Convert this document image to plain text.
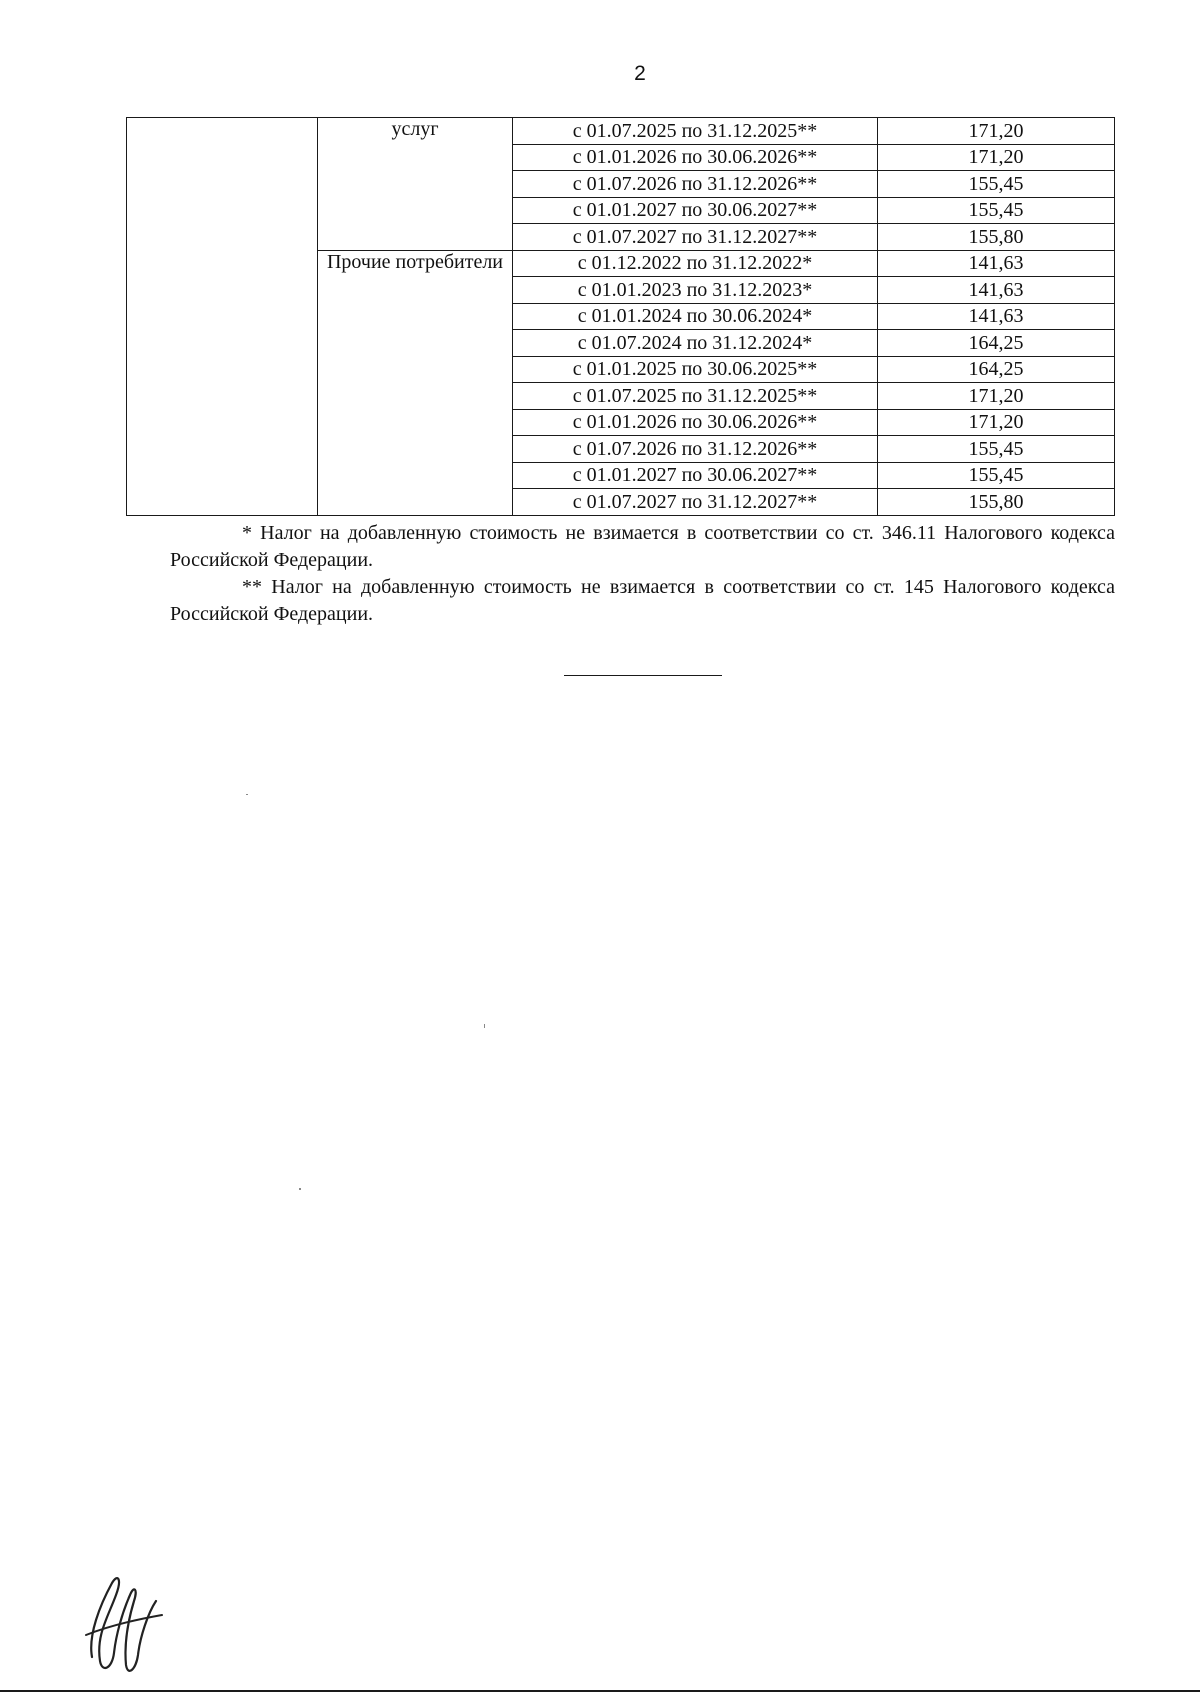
2
	услуг	с 01.07.2025 по 31.12.2025**	171,20
		с 01.01.2026 по 30.06.2026**	171,20
		с 01.07.2026 по 31.12.2026**	155,45
		с 01.01.2027 по 30.06.2027**	155,45
		с 01.07.2027 по 31.12.2027**	155,80
	Прочие потребители	с 01.12.2022 по 31.12.2022*	141,63
		с 01.01.2023 по 31.12.2023*	141,63
		с 01.01.2024 по 30.06.2024*	141,63
		с 01.07.2024 по 31.12.2024*	164,25
		с 01.01.2025 по 30.06.2025**	164,25
		с 01.07.2025 по 31.12.2025**	171,20
		с 01.01.2026 по 30.06.2026**	171,20
		с 01.07.2026 по 31.12.2026**	155,45
		с 01.01.2027 по 30.06.2027**	155,45
		с 01.07.2027 по 31.12.2027**	155,80

* Налог на добавленную стоимость не взимается в соответствии со ст. 346.11 Налогового кодекса Российской Федерации.

** Налог на добавленную стоимость не взимается в соответствии со ст. 145 Налогового кодекса Российской Федерации.
